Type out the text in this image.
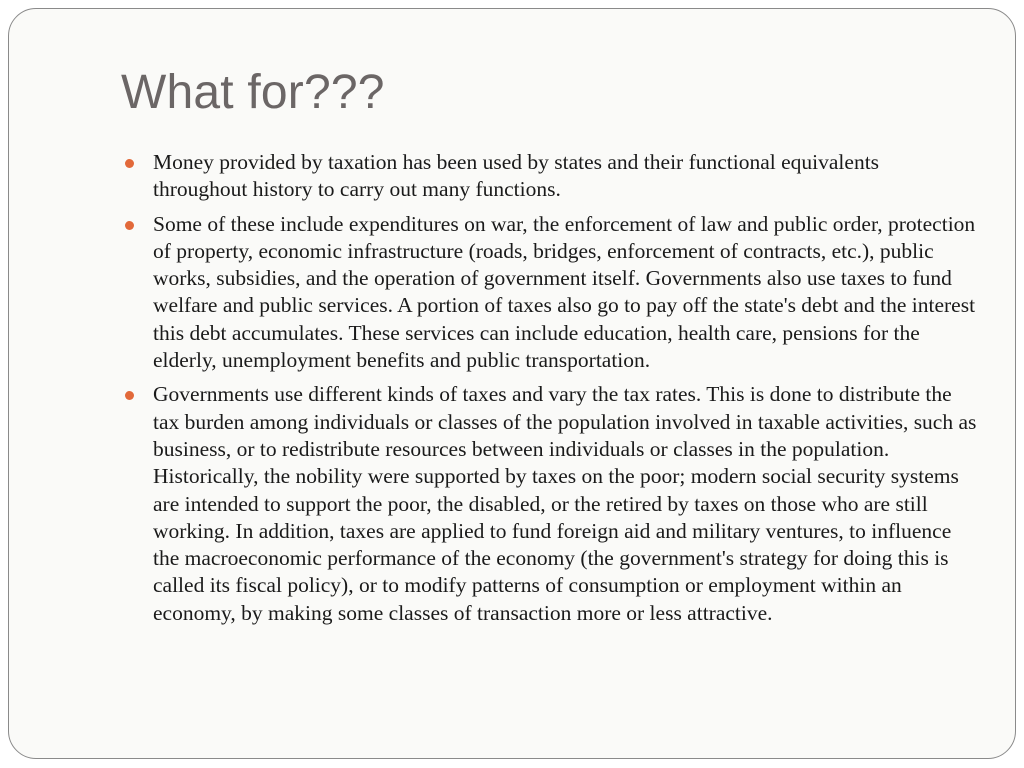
What for???
Money provided by taxation has been used by states and their functional equivalents throughout history to carry out many functions.
Some of these include expenditures on war, the enforcement of law and public order, protection of property, economic infrastructure (roads, bridges, enforcement of contracts, etc.), public works, subsidies, and the operation of government itself. Governments also use taxes to fund welfare and public services. A portion of taxes also go to pay off the state's debt and the interest this debt accumulates. These services can include education, health care, pensions for the elderly, unemployment benefits and public transportation.
Governments use different kinds of taxes and vary the tax rates. This is done to distribute the tax burden among individuals or classes of the population involved in taxable activities, such as business, or to redistribute resources between individuals or classes in the population. Historically, the nobility were supported by taxes on the poor; modern social security systems are intended to support the poor, the disabled, or the retired by taxes on those who are still working. In addition, taxes are applied to fund foreign aid and military ventures, to influence the macroeconomic performance of the economy (the government's strategy for doing this is called its fiscal policy), or to modify patterns of consumption or employment within an economy, by making some classes of transaction more or less attractive.
